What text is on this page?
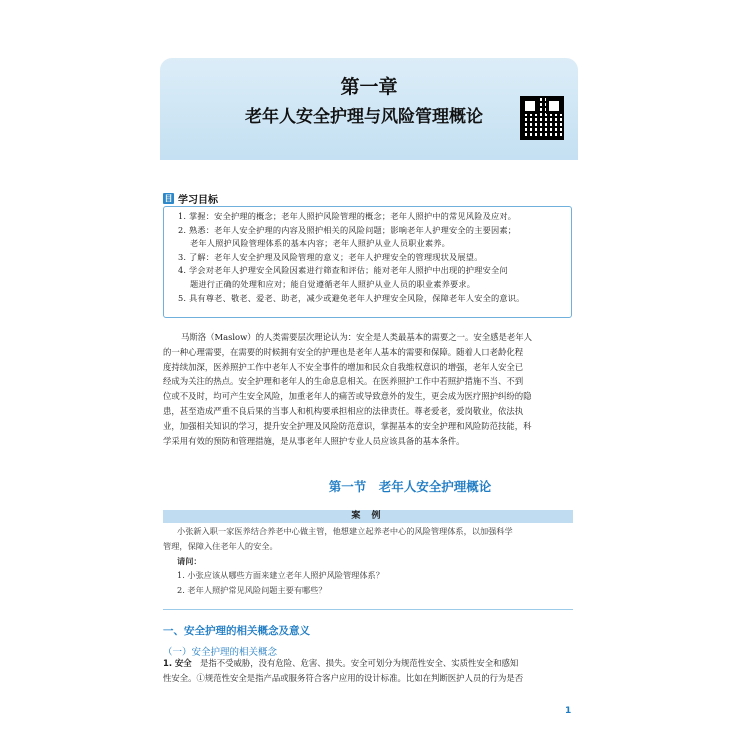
第一章
老年人安全护理与风险管理概论
目 学习目标
1. 掌握：安全护理的概念；老年人照护风险管理的概念；老年人照护中的常见风险及应对。
2. 熟悉：老年人安全护理的内容及照护相关的风险问题；影响老年人护理安全的主要因素；
老年人照护风险管理体系的基本内容；老年人照护从业人员职业素养。
3. 了解：老年人安全护理及风险管理的意义；老年人护理安全的管理现状及展望。
4. 学会对老年人护理安全风险因素进行筛查和评估；能对老年人照护中出现的护理安全问
题进行正确的处理和应对；能自觉遵循老年人照护从业人员的职业素养要求。
5. 具有尊老、敬老、爱老、助老，减少或避免老年人护理安全风险，保障老年人安全的意识。
马斯洛（Maslow）的人类需要层次理论认为：安全是人类最基本的需要之一。安全感是老年人
的一种心理需要，在需要的时候拥有安全的护理也是老年人基本的需要和保障。随着人口老龄化程
度持续加深，医养照护工作中老年人不安全事件的增加和民众自我维权意识的增强，老年人安全已
经成为关注的热点。安全护理和老年人的生命息息相关。在医养照护工作中若照护措施不当、不到
位或不及时，均可产生安全风险，加重老年人的痛苦或导致意外的发生，更会成为医疗照护纠纷的隐
患，甚至造成严重不良后果的当事人和机构要承担相应的法律责任。尊老爱老，爱岗敬业，依法执
业，加强相关知识的学习，提升安全护理及风险防范意识，掌握基本的安全护理和风险防范技能，科
学采用有效的预防和管理措施，是从事老年人照护专业人员应该具备的基本条件。
第一节　老年人安全护理概论
案 例
小张新入职一家医养结合养老中心做主管，他想建立起养老中心的风险管理体系，以加强科学
管理，保障入住老年人的安全。
请问：
1. 小张应该从哪些方面来建立老年人照护风险管理体系？
2. 老年人照护常见风险问题主要有哪些？
一、安全护理的相关概念及意义
（一）安全护理的相关概念
1. 安全　是指不受威胁，没有危险、危害、损失。安全可划分为规范性安全、实质性安全和感知
性安全。①规范性安全是指产品或服务符合客户应用的设计标准。比如在判断医护人员的行为是否
1
